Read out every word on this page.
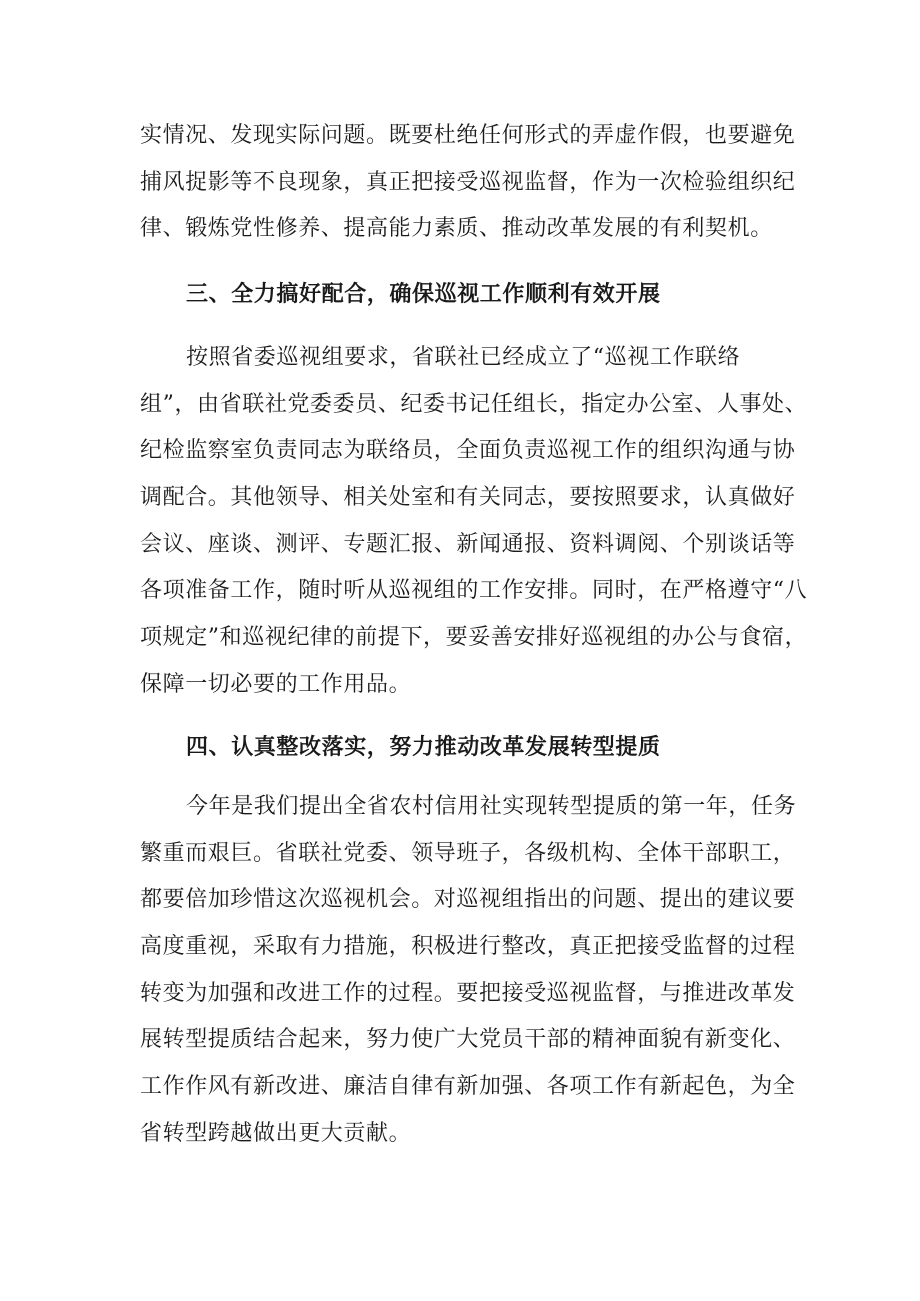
实情况、发现实际问题。既要杜绝任何形式的弄虚作假，也要避免
捕风捉影等不良现象，真正把接受巡视监督，作为一次检验组织纪
律、锻炼党性修养、提高能力素质、推动改革发展的有利契机。
三、全力搞好配合，确保巡视工作顺利有效开展
按照省委巡视组要求，省联社已经成立了“巡视工作联络
组”，由省联社党委委员、纪委书记任组长，指定办公室、人事处、
纪检监察室负责同志为联络员，全面负责巡视工作的组织沟通与协
调配合。其他领导、相关处室和有关同志，要按照要求，认真做好
会议、座谈、测评、专题汇报、新闻通报、资料调阅、个别谈话等
各项准备工作，随时听从巡视组的工作安排。同时，在严格遵守“八
项规定”和巡视纪律的前提下，要妥善安排好巡视组的办公与食宿，
保障一切必要的工作用品。
四、认真整改落实，努力推动改革发展转型提质
今年是我们提出全省农村信用社实现转型提质的第一年，任务
繁重而艰巨。省联社党委、领导班子，各级机构、全体干部职工，
都要倍加珍惜这次巡视机会。对巡视组指出的问题、提出的建议要
高度重视，采取有力措施，积极进行整改，真正把接受监督的过程
转变为加强和改进工作的过程。要把接受巡视监督，与推进改革发
展转型提质结合起来，努力使广大党员干部的精神面貌有新变化、
工作作风有新改进、廉洁自律有新加强、各项工作有新起色，为全
省转型跨越做出更大贡献。
